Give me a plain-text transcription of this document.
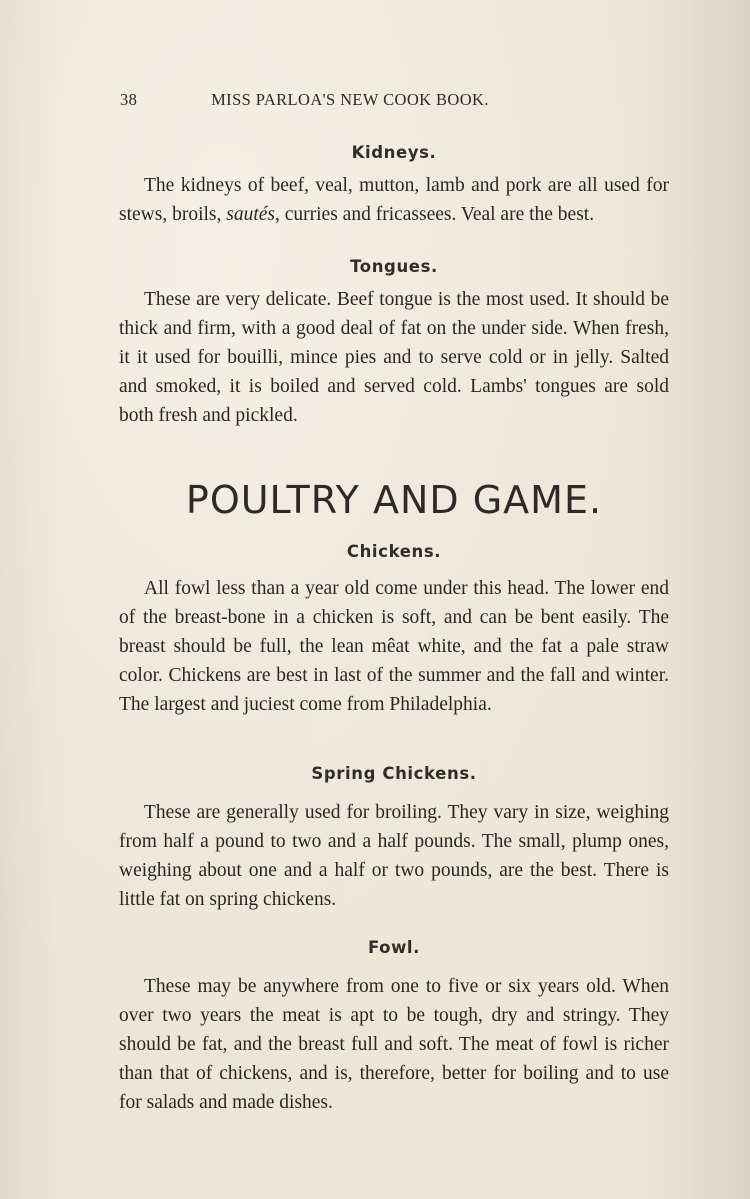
38	MISS PARLOA'S NEW COOK BOOK.
Kidneys.

The kidneys of beef, veal, mutton, lamb and pork are all used for stews, broils, sautés, curries and fricassees. Veal are the best.

Tongues.

These are very delicate. Beef tongue is the most used. It should be thick and firm, with a good deal of fat on the under side. When fresh, it it used for bouilli, mince pies and to serve cold or in jelly. Salted and smoked, it is boiled and served cold. Lambs' tongues are sold both fresh and pickled.

POULTRY AND GAME.
Chickens.

All fowl less than a year old come under this head. The lower end of the breast-bone in a chicken is soft, and can be bent easily. The breast should be full, the lean mêat white, and the fat a pale straw color. Chickens are best in last of the summer and the fall and winter. The largest and juciest come from Philadelphia.

Spring Chickens.

These are generally used for broiling. They vary in size, weighing from half a pound to two and a half pounds. The small, plump ones, weighing about one and a half or two pounds, are the best. There is little fat on spring chickens.

Fowl.

These may be anywhere from one to five or six years old. When over two years the meat is apt to be tough, dry and stringy. They should be fat, and the breast full and soft. The meat of fowl is richer than that of chickens, and is, therefore, better for boiling and to use for salads and made dishes.
